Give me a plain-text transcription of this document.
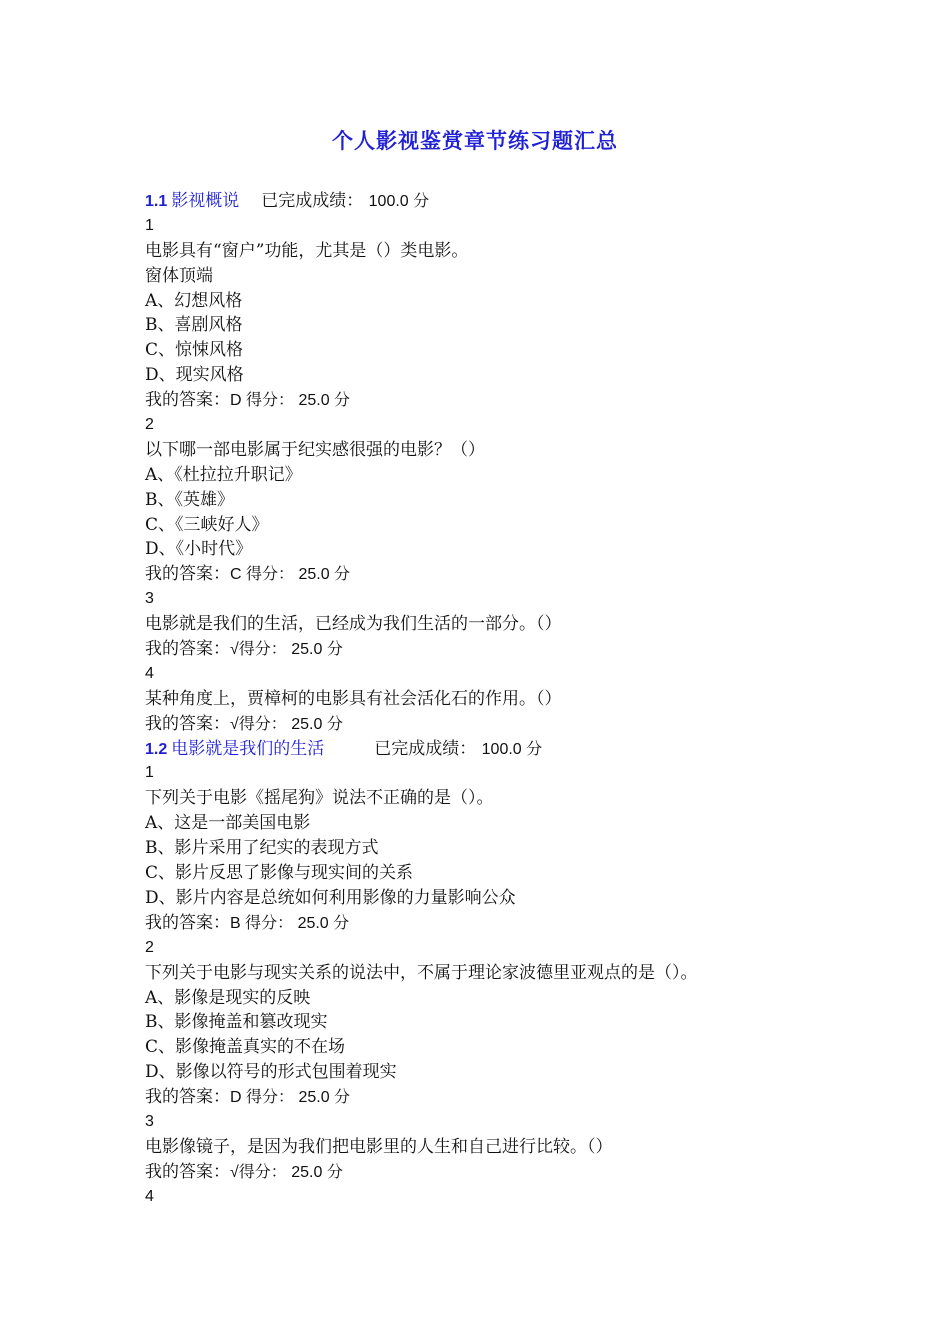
个人影视鉴赏章节练习题汇总
1.1 影视概说 已完成成绩： 100.0 分
1
电影具有“窗户”功能，尤其是（）类电影。
窗体顶端
A、幻想风格
B、喜剧风格
C、惊悚风格
D、现实风格
我的答案：D 得分： 25.0 分
2
以下哪一部电影属于纪实感很强的电影？（）
A、《杜拉拉升职记》
B、《英雄》
C、《三峡好人》
D、《小时代》
我的答案：C 得分： 25.0 分
3
电影就是我们的生活，已经成为我们生活的一部分。（）
我的答案：√得分： 25.0 分
4
某种角度上，贾樟柯的电影具有社会活化石的作用。（）
我的答案：√得分： 25.0 分
1.2 电影就是我们的生活	已完成成绩： 100.0 分
1
下列关于电影《摇尾狗》说法不正确的是（）。
A、这是一部美国电影
B、影片采用了纪实的表现方式
C、影片反思了影像与现实间的关系
D、影片内容是总统如何利用影像的力量影响公众
我的答案：B 得分： 25.0 分
2
下列关于电影与现实关系的说法中，不属于理论家波德里亚观点的是（）。
A、影像是现实的反映
B、影像掩盖和篡改现实
C、影像掩盖真实的不在场
D、影像以符号的形式包围着现实
我的答案：D 得分： 25.0 分
3
电影像镜子，是因为我们把电影里的人生和自己进行比较。（）
我的答案：√得分： 25.0 分
4
